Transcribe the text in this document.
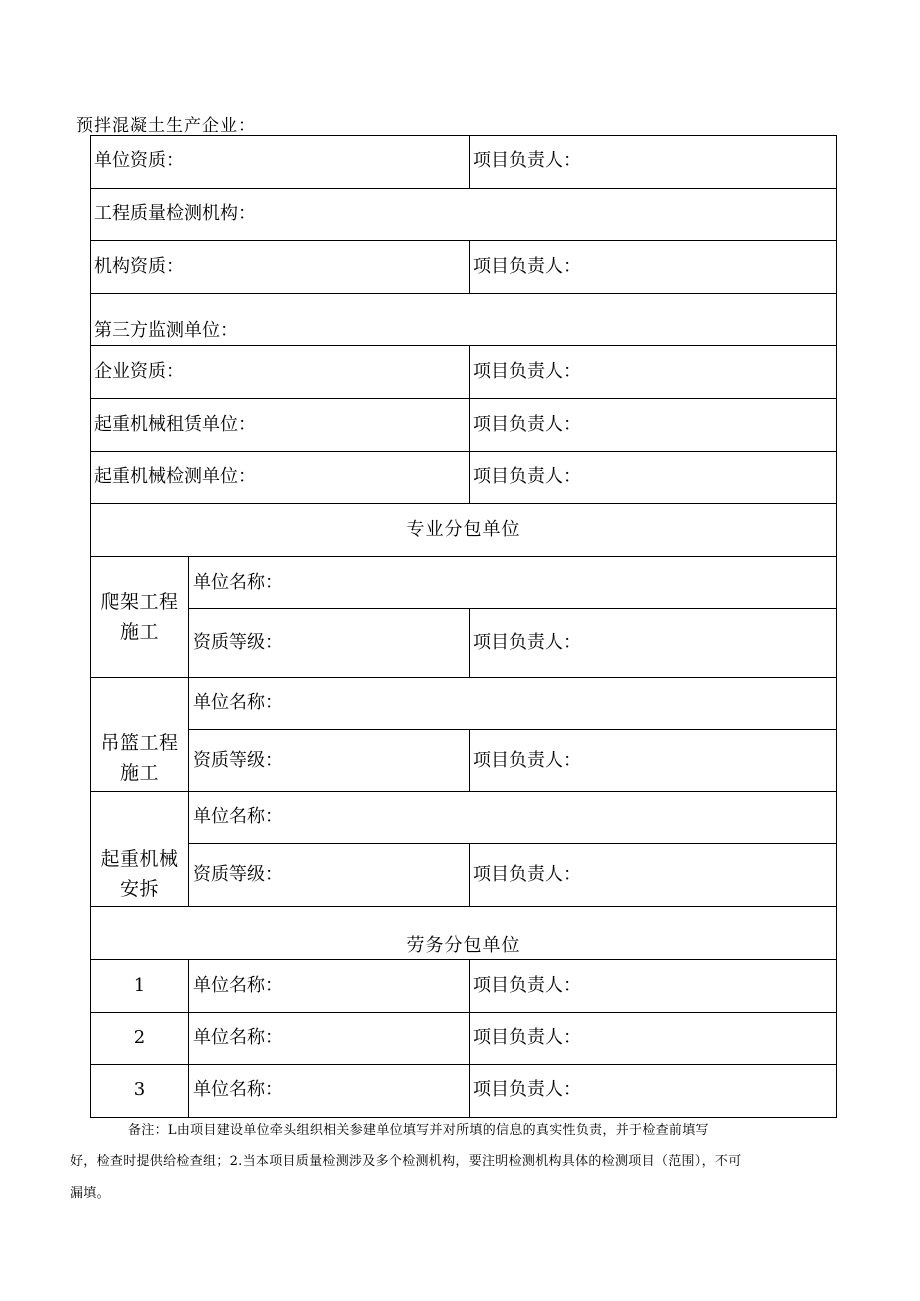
预拌混凝土生产企业：
单位资质：	项目负责人：
工程质量检测机构：
机构资质：	项目负责人：
第三方监测单位：
企业资质：	项目负责人：
起重机械租赁单位：	项目负责人：
起重机械检测单位：	项目负责人：
专业分包单位
爬架工程
施工
单位名称：
资质等级：	项目负责人：
吊篮工程
施工
单位名称：
资质等级：	项目负责人：
起重机械
安拆
单位名称：
资质等级：	项目负责人：
劳务分包单位
1	单位名称：	项目负责人：
2	单位名称：	项目负责人：
3	单位名称：	项目负责人：
备注：L由项目建设单位牵头组织相关参建单位填写并对所填的信息的真实性负责，并于检查前填写
好，检查时提供给检查组；2.当本项目质量检测涉及多个检测机构，要注明检测机构具体的检测项目（范围），不可
漏填。
